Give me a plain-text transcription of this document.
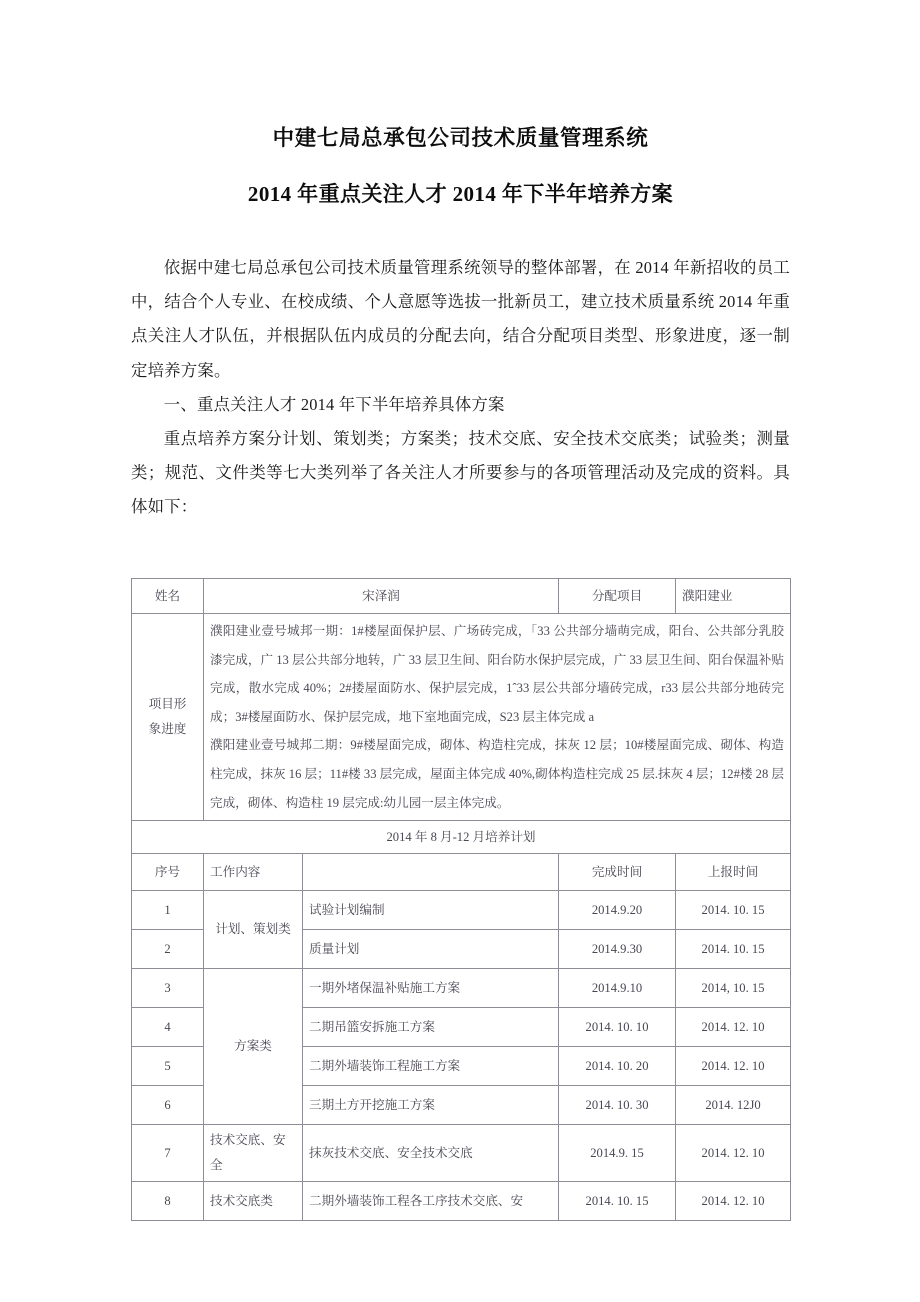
中建七局总承包公司技术质量管理系统
2014 年重点关注人才 2014 年下半年培养方案

依据中建七局总承包公司技术质量管理系统领导的整体部署，在 2014 年新招收的员工中，结合个人专业、在校成绩、个人意愿等选拔一批新员工，建立技术质量系统 2014 年重点关注人才队伍，并根据队伍内成员的分配去向，结合分配项目类型、形象进度，逐一制定培养方案。

一、重点关注人才 2014 年下半年培养具体方案

重点培养方案分计划、策划类；方案类；技术交底、安全技术交底类；试验类；测量类；规范、文件类等七大类列举了各关注人才所要参与的各项管理活动及完成的资料。具体如下：

姓名	宋泽润		分配项目	濮阳建业

项目形
象进度

濮阳建业壹号城邦一期：1#楼屋面保护层、广场砖完成，「33 公共部分墙萌完成，阳台、公共部分乳胶漆完成，广 13 层公共部分地转，广 33 层卫生间、阳台防水保护层完成，广 33 层卫生间、阳台保温补贴完成，散水完成 40%；2#搂屋面防水、保护层完成，1ˆ33 层公共部分墙砖完成，r33 层公共部分地砖完成；3#楼屋面防水、保护层完成，地下室地面完成，S23 层主体完成 a

濮阳建业壹号城邦二期：9#楼屋面完成，砌体、构造柱完成，抹灰 12 层；10#楼屋面完成、砌体、构造柱完成，抹灰 16 层；11#楼 33 层完成，屋面主体完成 40%,砌体构造柱完成 25 层.抹灰 4 层；12#楼 28 层完成，砌体、构造柱 19 层完成:幼儿园一层主体完成。

2014 年 8 月-12 月培养计划				
序号	工作内容		完成时间	上报时间
1	计划、策划类	试验计划编制	2014.9.20	2014. 10. 15
2		质量计划	2014.9.30	2014. 10. 15
3	方案类	一期外堵保温补贴施工方案	2014.9.10	2014, 10. 15
4		二期吊篮安拆施工方案	2014. 10. 10	2014. 12. 10
5		二期外墙装饰工程施工方案	2014. 10. 20	2014. 12. 10
6		三期土方开挖施工方案	2014. 10. 30	2014. 12J0
7	技术交底、安全	抹灰技术交底、安全技术交底	2014.9. 15	2014. 12. 10
8	技术交底类	二期外墙装饰工程各工序技术交底、安	2014. 10. 15	2014. 12. 10
